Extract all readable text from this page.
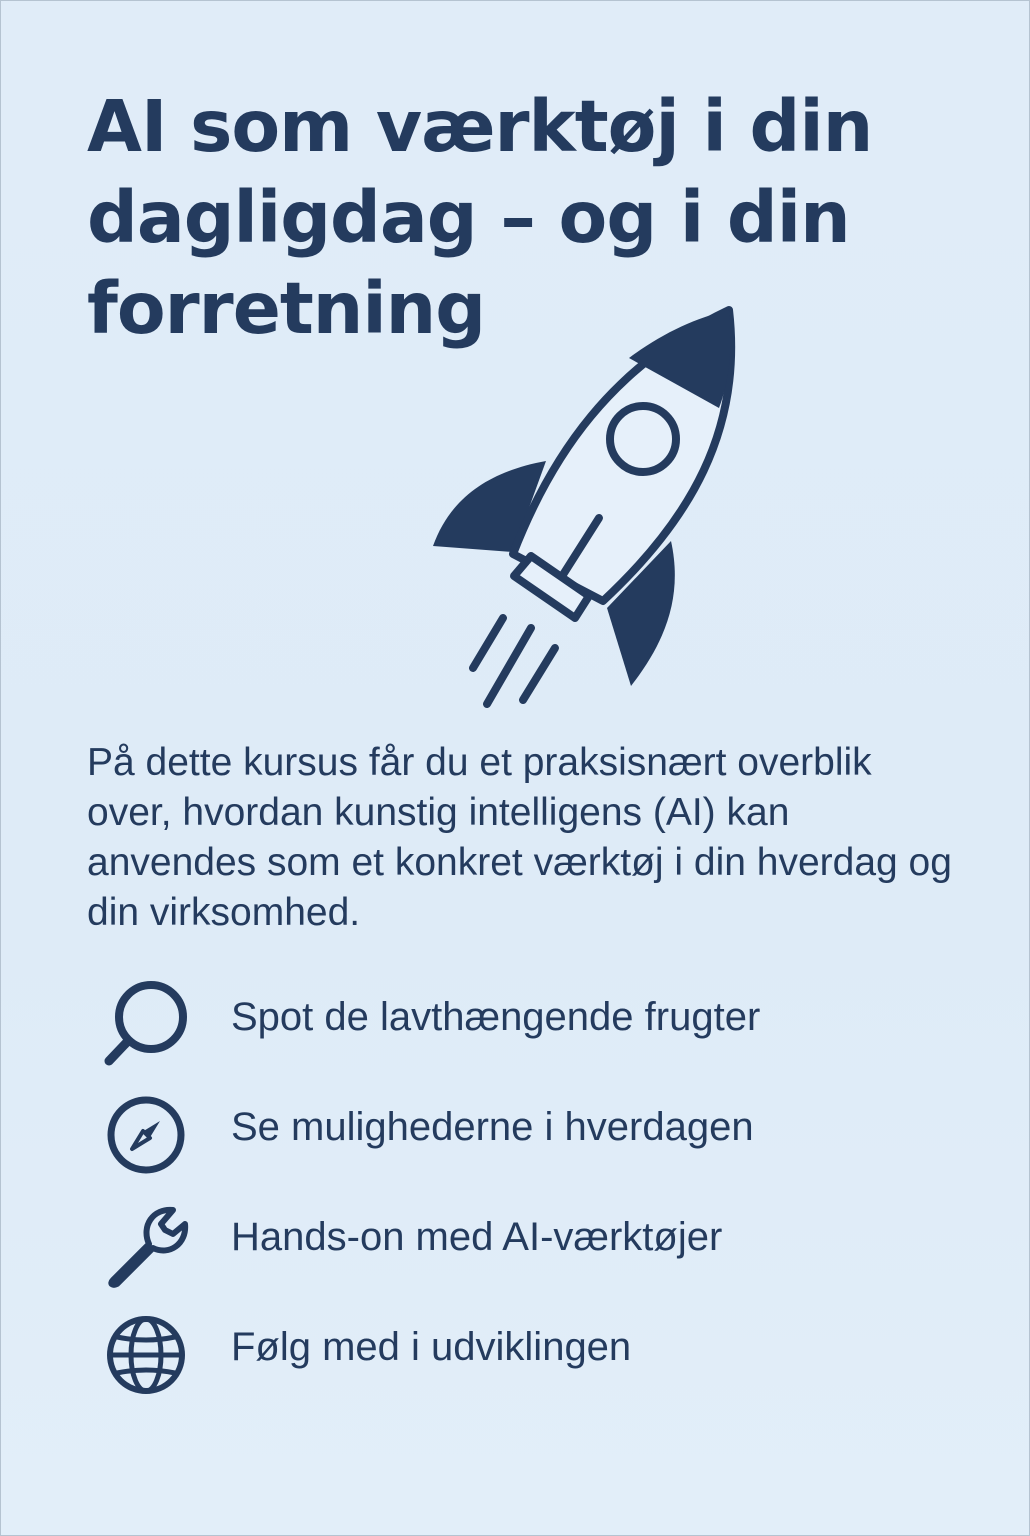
AI som værktøj i din dagligdag – og i din forretning

På dette kursus får du et praksisnært overblik over, hvordan kunstig intelligens (AI) kan anvendes som et konkret værktøj i din hverdag og din virksomhed.

Spot de lavthængende frugter
Se mulighederne i hverdagen
Hands-on med AI-værktøjer
Følg med i udviklingen
